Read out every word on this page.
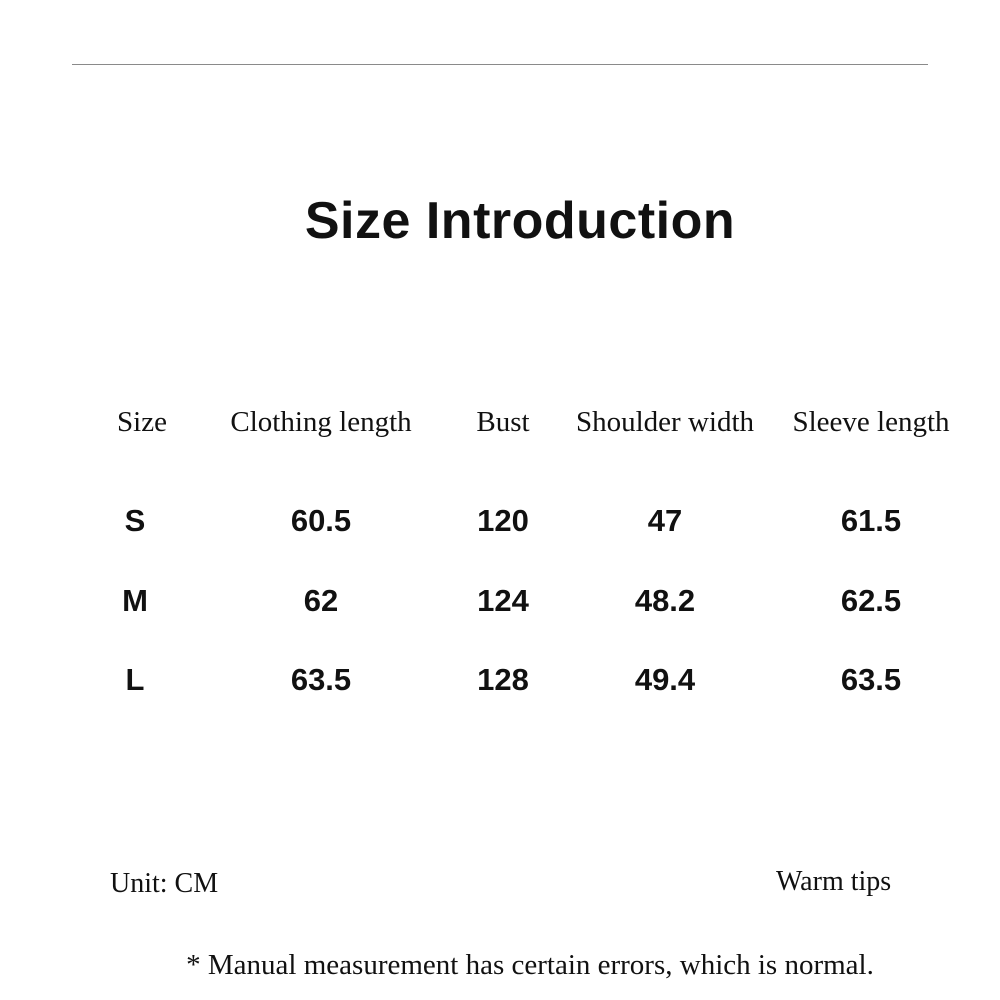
Size Introduction
Size	Clothing length	Bust	Shoulder width	Sleeve length
S	60.5	120	47	61.5
M	62	124	48.2	62.5
L	63.5	128	49.4	63.5
Unit: CM	Warm tips
* Manual measurement has certain errors, which is normal.
